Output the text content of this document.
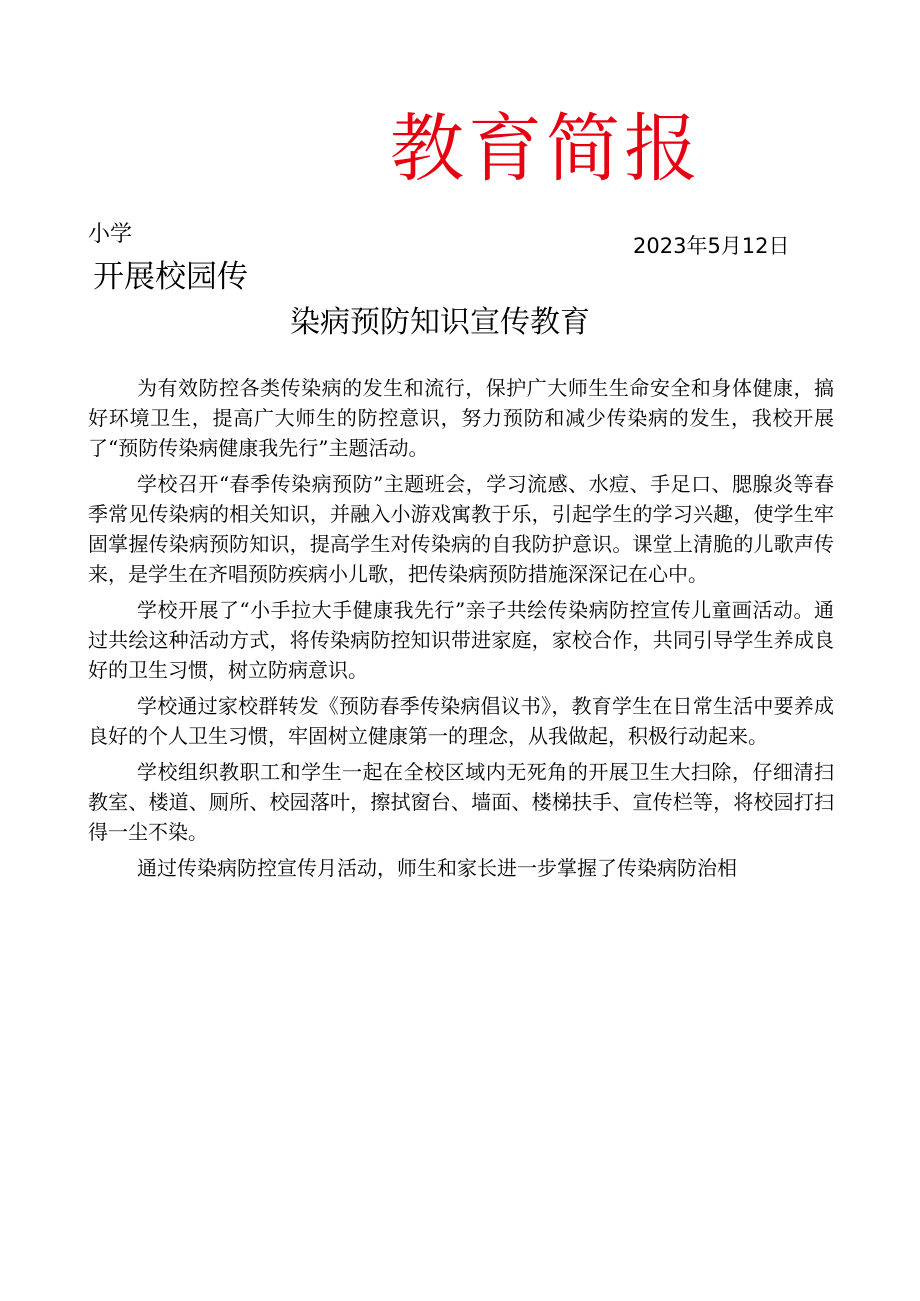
教育简报
小学	2023年5月12日
开展校园传
染病预防知识宣传教育

为有效防控各类传染病的发生和流行，保护广大师生生命安全和身体健康，搞好环境卫生，提高广大师生的防控意识，努力预防和减少传染病的发生，我校开展了“预防传染病健康我先行”主题活动。

学校召开“春季传染病预防”主题班会，学习流感、水痘、手足口、腮腺炎等春季常见传染病的相关知识，并融入小游戏寓教于乐，引起学生的学习兴趣，使学生牢固掌握传染病预防知识，提高学生对传染病的自我防护意识。课堂上清脆的儿歌声传来，是学生在齐唱预防疾病小儿歌，把传染病预防措施深深记在心中。

学校开展了“小手拉大手健康我先行”亲子共绘传染病防控宣传儿童画活动。通过共绘这种活动方式，将传染病防控知识带进家庭，家校合作，共同引导学生养成良好的卫生习惯，树立防病意识。

学校通过家校群转发《预防春季传染病倡议书》，教育学生在日常生活中要养成良好的个人卫生习惯，牢固树立健康第一的理念，从我做起，积极行动起来。

学校组织教职工和学生一起在全校区域内无死角的开展卫生大扫除，仔细清扫教室、楼道、厕所、校园落叶，擦拭窗台、墙面、楼梯扶手、宣传栏等，将校园打扫得一尘不染。

通过传染病防控宣传月活动，师生和家长进一步掌握了传染病防治相
